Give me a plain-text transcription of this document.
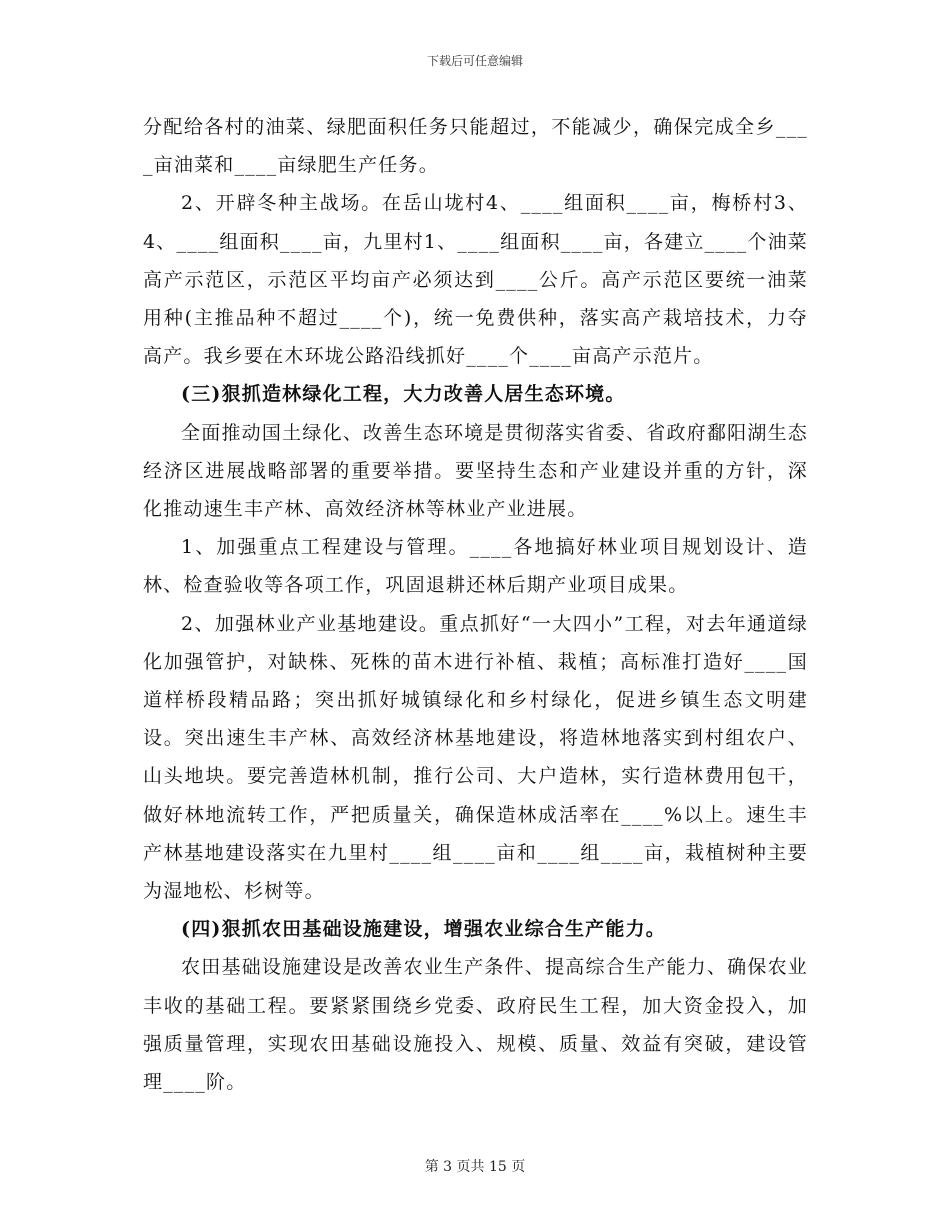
下载后可任意编辑

分配给各村的油菜、绿肥面积任务只能超过，不能减少，确保完成全乡____亩油菜和____亩绿肥生产任务。

2、开辟冬种主战场。在岳山垅村4、____组面积____亩，梅桥村3、4、____组面积____亩，九里村1、____组面积____亩，各建立____个油菜高产示范区，示范区平均亩产必须达到____公斤。高产示范区要统一油菜用种(主推品种不超过____个)，统一免费供种，落实高产栽培技术，力夺高产。我乡要在木环垅公路沿线抓好____个____亩高产示范片。

(三)狠抓造林绿化工程，大力改善人居生态环境。

全面推动国土绿化、改善生态环境是贯彻落实省委、省政府鄱阳湖生态经济区进展战略部署的重要举措。要坚持生态和产业建设并重的方针，深化推动速生丰产林、高效经济林等林业产业进展。

1、加强重点工程建设与管理。____各地搞好林业项目规划设计、造林、检查验收等各项工作，巩固退耕还林后期产业项目成果。

2、加强林业产业基地建设。重点抓好“一大四小”工程，对去年通道绿化加强管护，对缺株、死株的苗木进行补植、栽植；高标准打造好____国道样桥段精品路；突出抓好城镇绿化和乡村绿化，促进乡镇生态文明建设。突出速生丰产林、高效经济林基地建设，将造林地落实到村组农户、山头地块。要完善造林机制，推行公司、大户造林，实行造林费用包干，做好林地流转工作，严把质量关，确保造林成活率在____%以上。速生丰产林基地建设落实在九里村____组____亩和____组____亩，栽植树种主要为湿地松、杉树等。

(四)狠抓农田基础设施建设，增强农业综合生产能力。

农田基础设施建设是改善农业生产条件、提高综合生产能力、确保农业丰收的基础工程。要紧紧围绕乡党委、政府民生工程，加大资金投入，加强质量管理，实现农田基础设施投入、规模、质量、效益有突破，建设管理____阶。

第 3 页共 15 页
